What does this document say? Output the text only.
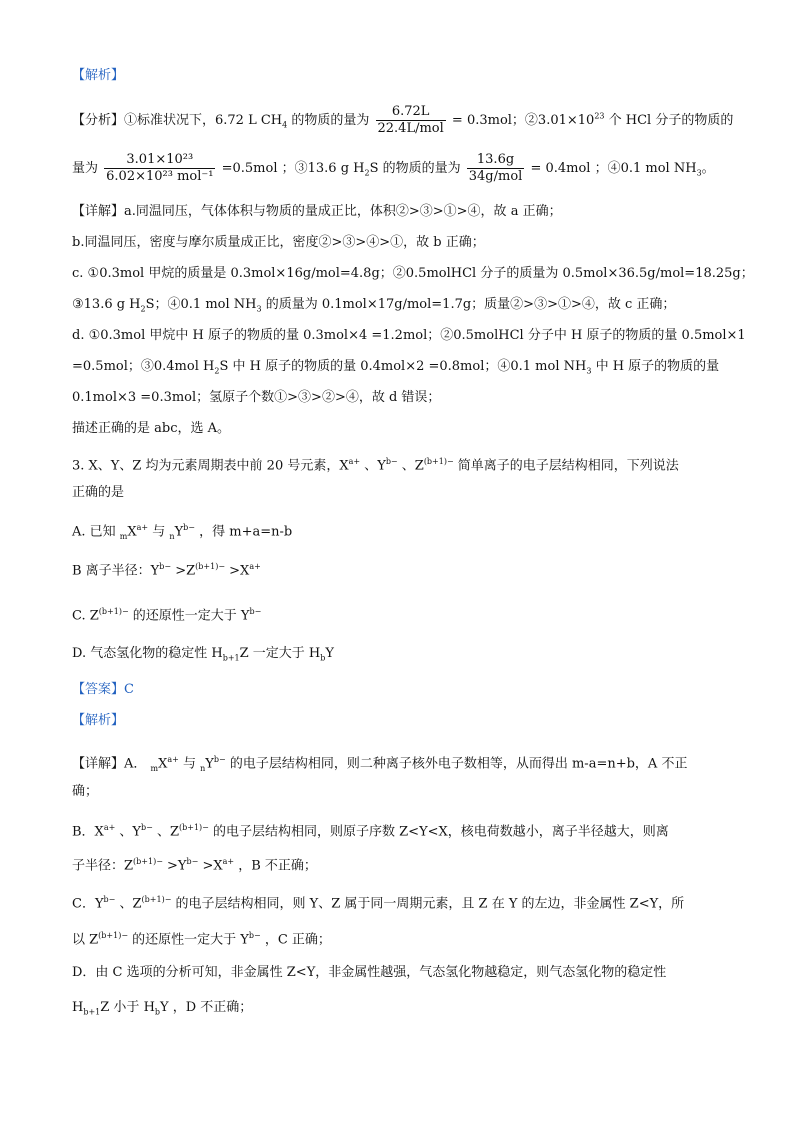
【解析】
【分析】①标准状况下，6.72 L $CH_4$ 的物质的量为 $\frac{6.72L}{\text{22.4L/mol}} = 0.3mol$；$②3.01\times 10^{23}$ 个 HCl 分子的物质的
量为 $\frac{\text{3.01×10²³}}{\text{6.02×10²³ mol⁻¹}} =0.5mol$ ；③13.6 g $H_2S$ 的物质的量为 $\frac{13.6g}{\text{34g/mol}} = 0.4mol$ ；④0.1 mol $NH_3$。
【详解】a.同温同压，气体体积与物质的量成正比，体积②>③>①>④，故 a 正确；
b.同温同压，密度与摩尔质量成正比，密度②>③>④>①，故 b 正确；
c. ①0.3mol 甲烷的质量是 0.3mol×16g/mol=4.8g；②0.5molHCl 分子的质量为 0.5mol×36.5g/mol=18.25g；
③13.6 g $H_2S$；④0.1 mol $NH_3$ 的质量为 0.1mol×17g/mol=1.7g；质量②>③>①>④，故 c 正确；
d. ①0.3mol 甲烷中 H 原子的物质的量 0.3mol×4 =1.2mol；②0.5molHCl 分子中 H 原子的物质的量 0.5mol×1
=0.5mol；③0.4mol $H_2S$ 中 H 原子的物质的量 0.4mol×2 =0.8mol；④0.1 mol $NH_3$ 中 H 原子的物质的量
0.1mol×3 =0.3mol；氢原子个数①>③>②>④，故 d 错误；
描述正确的是 abc，选 A。
3. X、Y、Z 均为元素周期表中前 20 号元素，$X^{a+}$ 、$Y^{b-}$ 、$Z^{(b+1)-}$ 简单离子的电子层结构相同，下列说法
正确的是
A. 已知 $_mX^{a+}$ 与 $_nY^{b-}$ ，得 m+a=n-b
B 离子半径：$Y^{b-} >Z^{(b+1)-} >X^{a+}$
C. $Z^{(b+1)-}$ 的还原性一定大于 $Y^{b-}$
D. 气态氢化物的稳定性 $H_{b+1}Z$ 一定大于 $H_bY$
【答案】C
【解析】
【详解】A． $_mX^{a+}$ 与 $_nY^{b-}$ 的电子层结构相同，则二种离子核外电子数相等，从而得出 m-a=n+b，A 不正
确；
B．$X^{a+}$ 、$Y^{b-}$ 、$Z^{(b+1)-}$ 的电子层结构相同，则原子序数 Z<Y<X，核电荷数越小，离子半径越大，则离
子半径：$Z^{(b+1)-} >Y^{b-} >X^{a+}$ ，B 不正确；
C．$Y^{b-}$ 、$Z^{(b+1)-}$ 的电子层结构相同，则 Y、Z 属于同一周期元素，且 Z 在 Y 的左边，非金属性 Z<Y，所
以 $Z^{(b+1)-}$ 的还原性一定大于 $Y^{b-}$ ，C 正确；
D．由 C 选项的分析可知，非金属性 Z<Y，非金属性越强，气态氢化物越稳定，则气态氢化物的稳定性
$H_{b+1}Z$ 小于 $H_bY$ ，D 不正确；
